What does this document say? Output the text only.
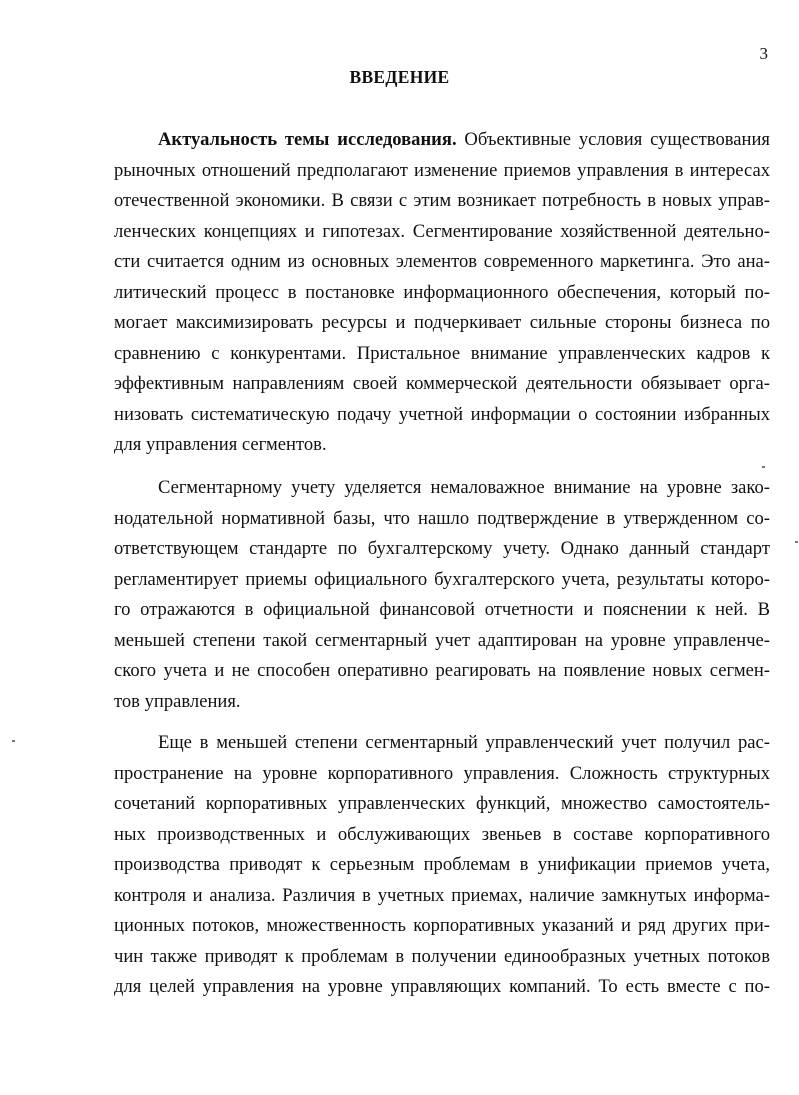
3
ВВЕДЕНИЕ
Актуальность темы исследования. Объективные условия существования
рыночных отношений предполагают изменение приемов управления в интересах
отечественной экономики. В связи с этим возникает потребность в новых управ-
ленческих концепциях и гипотезах. Сегментирование хозяйственной деятельно-
сти считается одним из основных элементов современного маркетинга. Это ана-
литический процесс в постановке информационного обеспечения, который по-
могает максимизировать ресурсы и подчеркивает сильные стороны бизнеса по
сравнению с конкурентами. Пристальное внимание управленческих кадров к
эффективным направлениям своей коммерческой деятельности обязывает орга-
низовать систематическую подачу учетной информации о состоянии избранных
для управления сегментов.
Сегментарному учету уделяется немаловажное внимание на уровне зако-
нодательной нормативной базы, что нашло подтверждение в утвержденном со-
ответствующем стандарте по бухгалтерскому учету. Однако данный стандарт
регламентирует приемы официального бухгалтерского учета, результаты которо-
го отражаются в официальной финансовой отчетности и пояснении к ней. В
меньшей степени такой сегментарный учет адаптирован на уровне управленче-
ского учета и не способен оперативно реагировать на появление новых сегмен-
тов управления.
Еще в меньшей степени сегментарный управленческий учет получил рас-
пространение на уровне корпоративного управления. Сложность структурных
сочетаний корпоративных управленческих функций, множество самостоятель-
ных производственных и обслуживающих звеньев в составе корпоративного
производства приводят к серьезным проблемам в унификации приемов учета,
контроля и анализа. Различия в учетных приемах, наличие замкнутых информа-
ционных потоков, множественность корпоративных указаний и ряд других при-
чин также приводят к проблемам в получении единообразных учетных потоков
для целей управления на уровне управляющих компаний. То есть вместе с по-
